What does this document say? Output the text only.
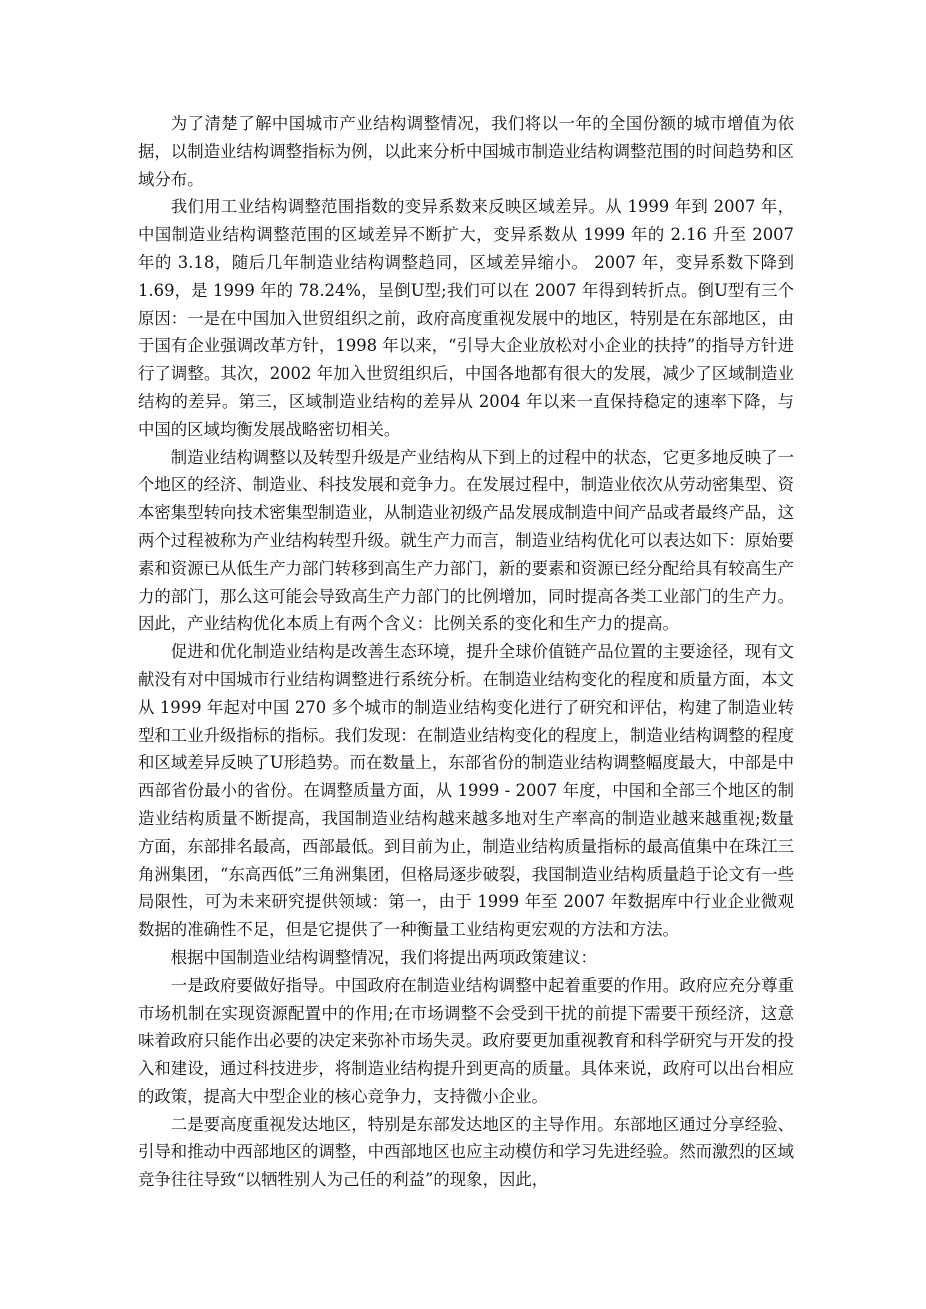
为了清楚了解中国城市产业结构调整情况，我们将以一年的全国份额的城市增值为依据，以制造业结构调整指标为例，以此来分析中国城市制造业结构调整范围的时间趋势和区域分布。

我们用工业结构调整范围指数的变异系数来反映区域差异。从 1999 年到 2007 年，中国制造业结构调整范围的区域差异不断扩大，变异系数从 1999 年的 2.16 升至 2007 年的 3.18，随后几年制造业结构调整趋同，区域差异缩小。 2007 年，变异系数下降到 1.69，是 1999 年的 78.24%，呈倒U型;我们可以在 2007 年得到转折点。倒U型有三个原因：一是在中国加入世贸组织之前，政府高度重视发展中的地区，特别是在东部地区，由于国有企业强调改革方针，1998 年以来，“引导大企业放松对小企业的扶持”的指导方针进行了调整。其次，2002 年加入世贸组织后，中国各地都有很大的发展，减少了区域制造业结构的差异。第三，区域制造业结构的差异从 2004 年以来一直保持稳定的速率下降，与中国的区域均衡发展战略密切相关。

制造业结构调整以及转型升级是产业结构从下到上的过程中的状态，它更多地反映了一个地区的经济、制造业、科技发展和竞争力。在发展过程中，制造业依次从劳动密集型、资本密集型转向技术密集型制造业，从制造业初级产品发展成制造中间产品或者最终产品，这两个过程被称为产业结构转型升级。就生产力而言，制造业结构优化可以表达如下：原始要素和资源已从低生产力部门转移到高生产力部门，新的要素和资源已经分配给具有较高生产力的部门，那么这可能会导致高生产力部门的比例增加，同时提高各类工业部门的生产力。因此，产业结构优化本质上有两个含义：比例关系的变化和生产力的提高。

促进和优化制造业结构是改善生态环境，提升全球价值链产品位置的主要途径，现有文献没有对中国城市行业结构调整进行系统分析。在制造业结构变化的程度和质量方面，本文从 1999 年起对中国 270 多个城市的制造业结构变化进行了研究和评估，构建了制造业转型和工业升级指标的指标。我们发现：在制造业结构变化的程度上，制造业结构调整的程度和区域差异反映了U形趋势。而在数量上，东部省份的制造业结构调整幅度最大，中部是中西部省份最小的省份。在调整质量方面，从 1999 - 2007 年度，中国和全部三个地区的制造业结构质量不断提高，我国制造业结构越来越多地对生产率高的制造业越来越重视;数量方面，东部排名最高，西部最低。到目前为止，制造业结构质量指标的最高值集中在珠江三角洲集团，“东高西低”三角洲集团，但格局逐步破裂，我国制造业结构质量趋于论文有一些局限性，可为未来研究提供领域：第一，由于 1999 年至 2007 年数据库中行业企业微观数据的准确性不足，但是它提供了一种衡量工业结构更宏观的方法和方法。

根据中国制造业结构调整情况，我们将提出两项政策建议：

一是政府要做好指导。中国政府在制造业结构调整中起着重要的作用。政府应充分尊重市场机制在实现资源配置中的作用;在市场调整不会受到干扰的前提下需要干预经济，这意味着政府只能作出必要的决定来弥补市场失灵。政府要更加重视教育和科学研究与开发的投入和建设，通过科技进步，将制造业结构提升到更高的质量。具体来说，政府可以出台相应的政策，提高大中型企业的核心竞争力，支持微小企业。

二是要高度重视发达地区，特别是东部发达地区的主导作用。东部地区通过分享经验、引导和推动中西部地区的调整，中西部地区也应主动模仿和学习先进经验。然而激烈的区域竞争往往导致“以牺牲别人为己任的利益”的现象，因此，
